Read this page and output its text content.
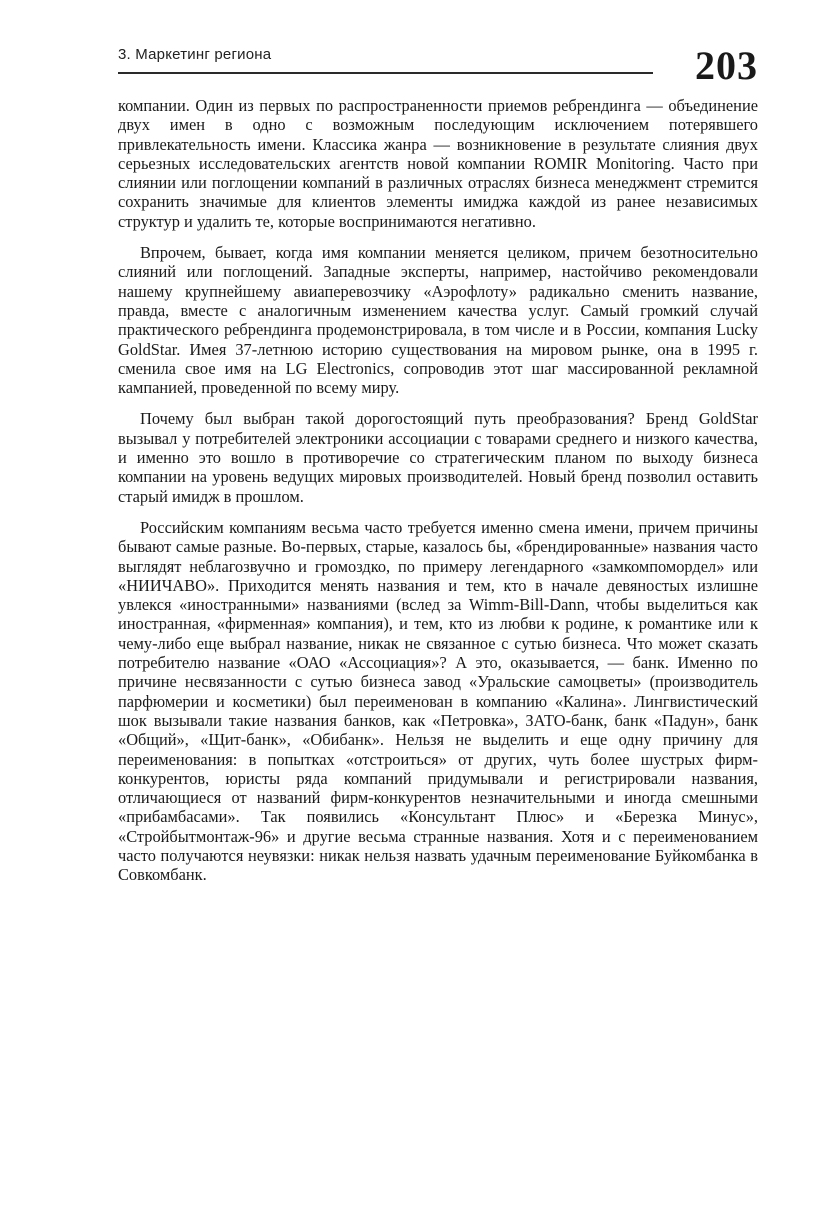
3. Маркетинг региона	203

компании. Один из первых по распространенности приемов ребрендинга — объединение двух имен в одно с возможным последующим исключением потерявшего привлекательность имени. Классика жанра — возникновение в результате слияния двух серьезных исследовательских агентств новой компании ROMIR Monitoring. Часто при слиянии или поглощении компаний в различных отраслях бизнеса менеджмент стремится сохранить значимые для клиентов элементы имиджа каждой из ранее независимых структур и удалить те, которые воспринимаются негативно.

Впрочем, бывает, когда имя компании меняется целиком, причем безотносительно слияний или поглощений. Западные эксперты, например, настойчиво рекомендовали нашему крупнейшему авиаперевозчику «Аэрофлоту» радикально сменить название, правда, вместе с аналогичным изменением качества услуг. Самый громкий случай практического ребрендинга продемонстрировала, в том числе и в России, компания Lucky GoldStar. Имея 37-летнюю историю существования на мировом рынке, она в 1995 г. сменила свое имя на LG Electronics, сопроводив этот шаг массированной рекламной кампанией, проведенной по всему миру.

Почему был выбран такой дорогостоящий путь преобразования? Бренд GoldStar вызывал у потребителей электроники ассоциации с товарами среднего и низкого качества, и именно это вошло в противоречие со стратегическим планом по выходу бизнеса компании на уровень ведущих мировых производителей. Новый бренд позволил оставить старый имидж в прошлом.

Российским компаниям весьма часто требуется именно смена имени, причем причины бывают самые разные. Во-первых, старые, казалось бы, «брендированные» названия часто выглядят неблагозвучно и громоздко, по примеру легендарного «замкомпомордел» или «НИИЧАВО». Приходится менять названия и тем, кто в начале девяностых излишне увлекся «иностранными» названиями (вслед за Wimm-Bill-Dann, чтобы выделиться как иностранная, «фирменная» компания), и тем, кто из любви к родине, к романтике или к чему-либо еще выбрал название, никак не связанное с сутью бизнеса. Что может сказать потребителю название «ОАО «Ассоциация»? А это, оказывается, — банк. Именно по причине несвязанности с сутью бизнеса завод «Уральские самоцветы» (производитель парфюмерии и косметики) был переименован в компанию «Калина». Лингвистический шок вызывали такие названия банков, как «Петровка», ЗАТО-банк, банк «Падун», банк «Общий», «Щит-банк», «Обибанк». Нельзя не выделить и еще одну причину для переименования: в попытках «отстроиться» от других, чуть более шустрых фирм-конкурентов, юристы ряда компаний придумывали и регистрировали названия, отличающиеся от названий фирм-конкурентов незначительными и иногда смешными «прибамбасами». Так появились «Консультант Плюс» и «Березка Минус», «Стройбытмонтаж-96» и другие весьма странные названия. Хотя и с переименованием часто получаются неувязки: никак нельзя назвать удачным переименование Буйкомбанка в Совкомбанк.
